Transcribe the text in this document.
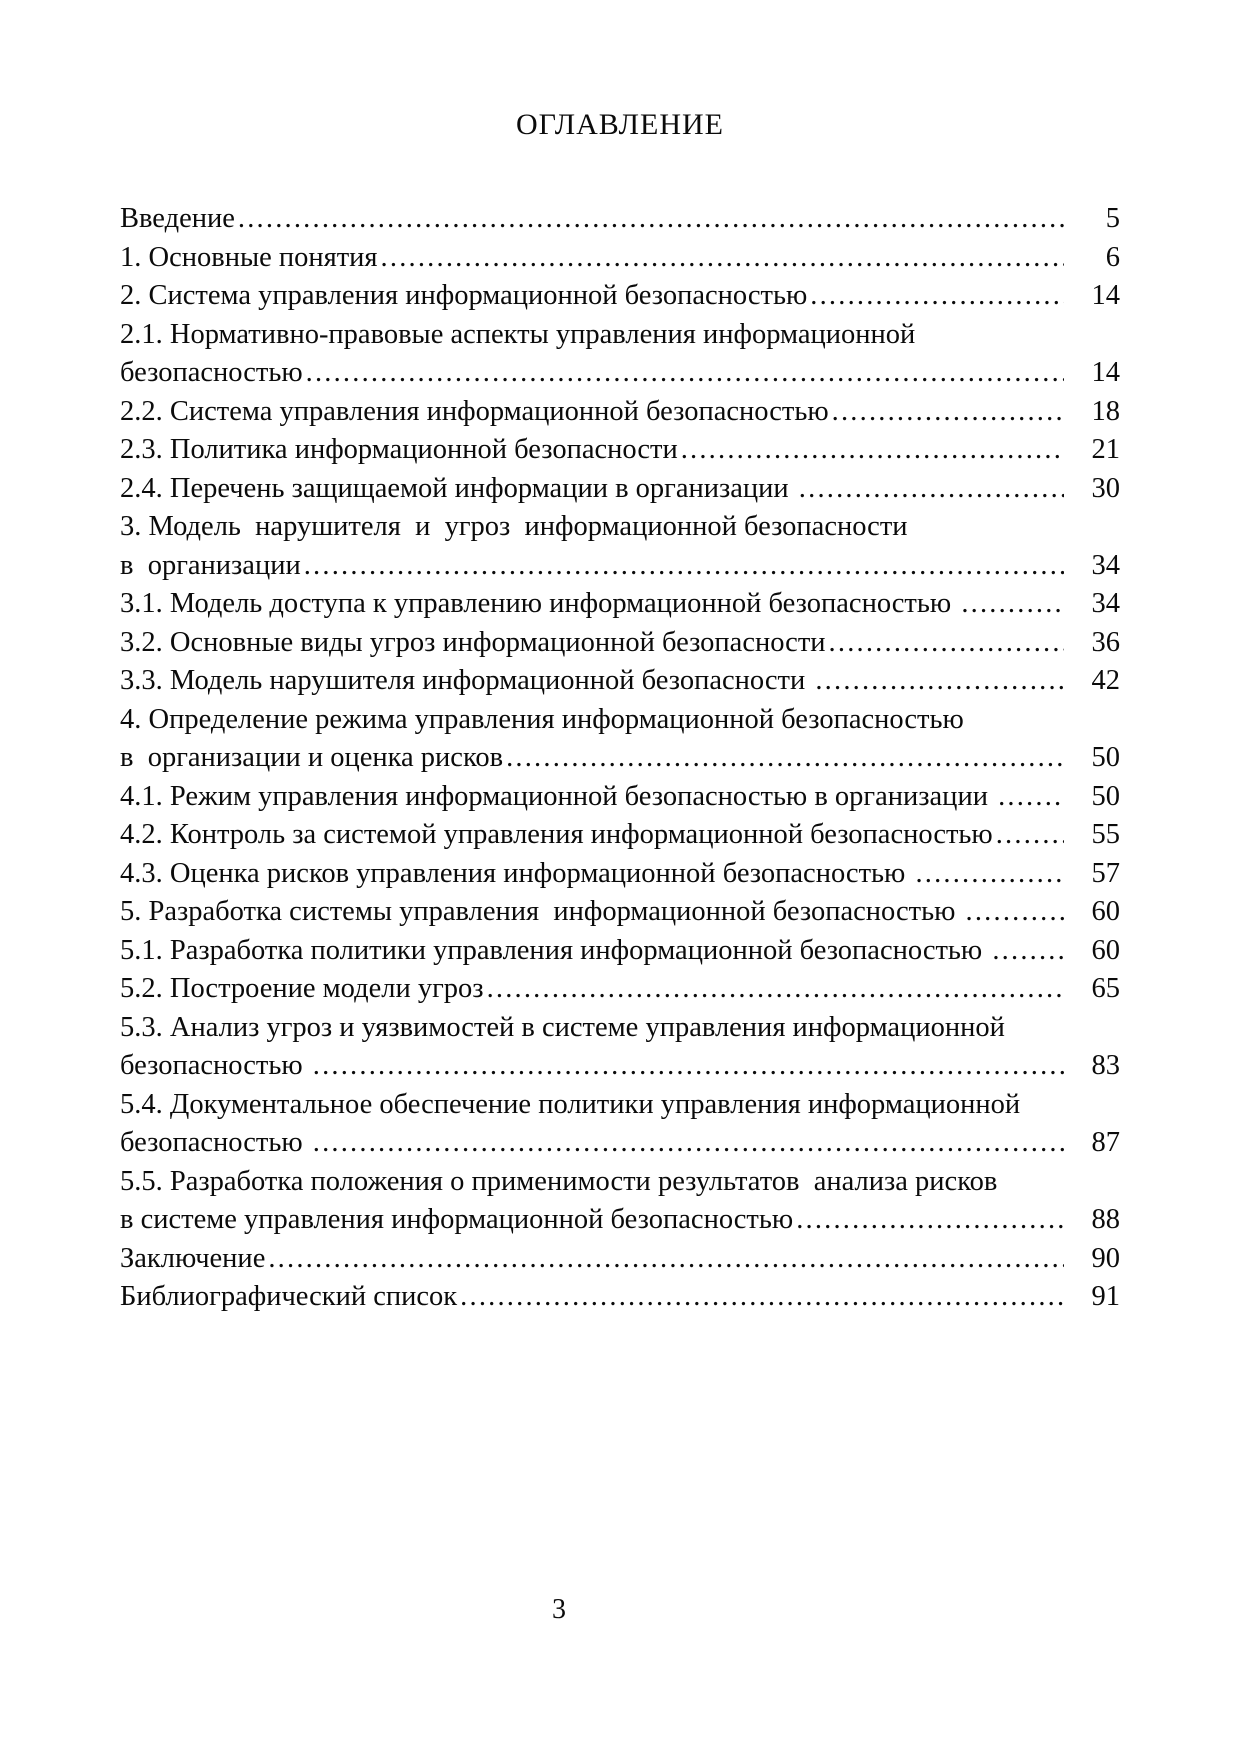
ОГЛАВЛЕНИЕ
Введение .....	5
1. Основные понятия .....	6
2. Система управления информационной безопасностью .....	14
2.1. Нормативно-правовые аспекты управления информационной
безопасностью .....	14
2.2. Система управления информационной безопасностью .....	18
2.3. Политика информационной безопасности .....	21
2.4. Перечень защищаемой информации в организации .....	30
3. Модель  нарушителя  и  угроз  информационной безопасности
в  организации .....	34
3.1. Модель доступа к управлению информационной безопасностью .....	34
3.2. Основные виды угроз информационной безопасности .....	36
3.3. Модель нарушителя информационной безопасности .....	42
4. Определение режима управления информационной безопасностью
в  организации и оценка рисков .....	50
4.1. Режим управления информационной безопасностью в организации .....	50
4.2. Контроль за системой управления информационной безопасностью .....	55
4.3. Оценка рисков управления информационной безопасностью .....	57
5. Разработка системы управления  информационной безопасностью .....	60
5.1. Разработка политики управления информационной безопасностью .....	60
5.2. Построение модели угроз .....	65
5.3. Анализ угроз и уязвимостей в системе управления информационной
безопасностью .....	83
5.4. Документальное обеспечение политики управления информационной
безопасностью .....	87
5.5. Разработка положения о применимости результатов  анализа рисков
в системе управления информационной безопасностью .....	88
Заключение .....	90
Библиографический список .....	91
3
